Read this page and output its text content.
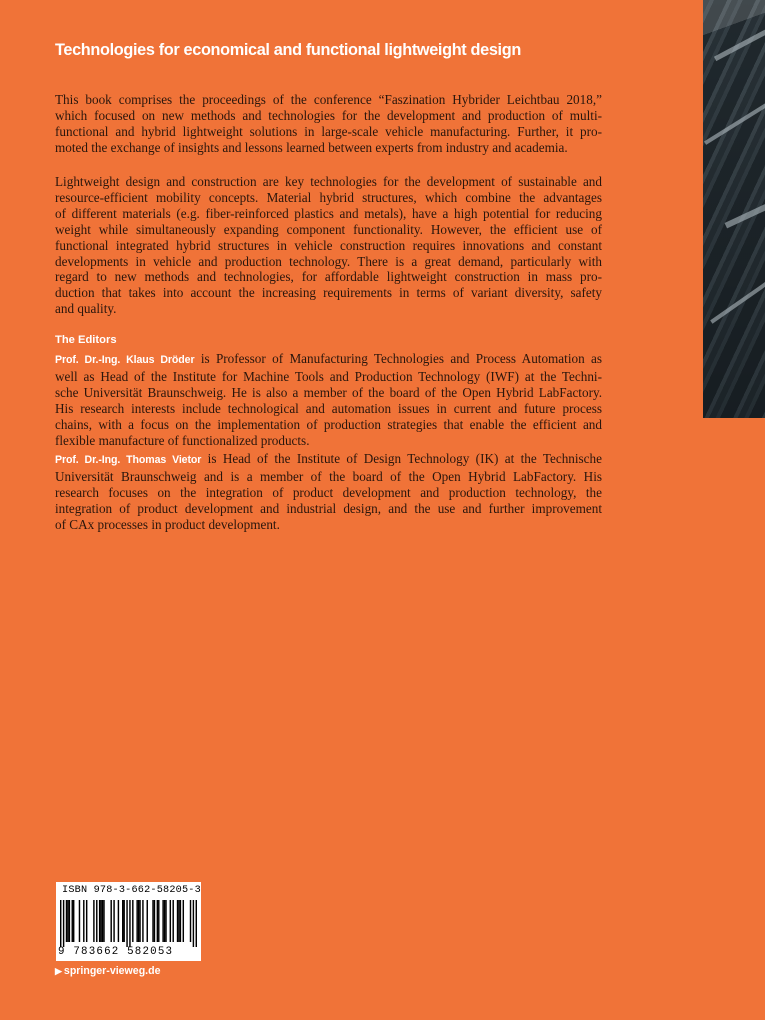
Technologies for economical and functional lightweight design

This book comprises the proceedings of the conference “Faszination Hybrider Leichtbau 2018,”
which focused on new methods and technologies for the development and production of multi-
functional and hybrid lightweight solutions in large-scale vehicle manufacturing. Further, it pro-
moted the exchange of insights and lessons learned between experts from industry and academia.

Lightweight design and construction are key technologies for the development of sustainable and
resource-efficient mobility concepts. Material hybrid structures, which combine the advantages
of different materials (e.g. fiber-reinforced plastics and metals), have a high potential for reducing
weight while simultaneously expanding component functionality. However, the efficient use of
functional integrated hybrid structures in vehicle construction requires innovations and constant
developments in vehicle and production technology. There is a great demand, particularly with
regard to new methods and technologies, for affordable lightweight construction in mass pro-
duction that takes into account the increasing requirements in terms of variant diversity, safety
and quality.

The Editors

Prof. Dr.-Ing. Klaus Dröder is Professor of Manufacturing Technologies and Process Automation as
well as Head of the Institute for Machine Tools and Production Technology (IWF) at the Techni-
sche Universität Braunschweig. He is also a member of the board of the Open Hybrid LabFactory.
His research interests include technological and automation issues in current and future process
chains, with a focus on the implementation of production strategies that enable the efficient and
flexible manufacture of functionalized products.

Prof. Dr.-Ing. Thomas Vietor is Head of the Institute of Design Technology (IK) at the Technische
Universität Braunschweig and is a member of the board of the Open Hybrid LabFactory. His
research focuses on the integration of product development and production technology, the
integration of product development and industrial design, and the use and further improvement
of CAx processes in product development.

ISBN 978-3-662-58205-3
9 783662 582053
▶ springer-vieweg.de
